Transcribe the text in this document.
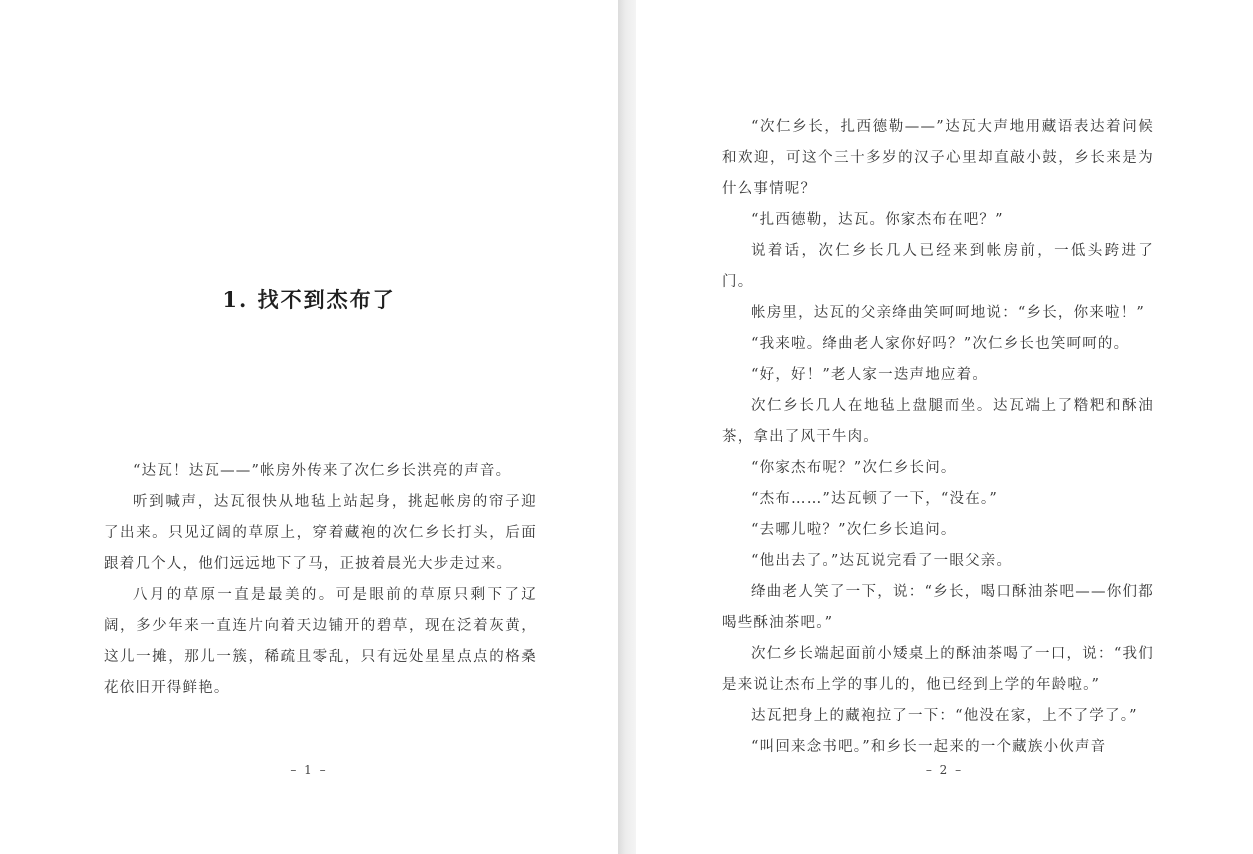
1. 找不到杰布了

“达瓦！达瓦——”帐房外传来了次仁乡长洪亮的声音。

听到喊声，达瓦很快从地毡上站起身，挑起帐房的帘子迎了出来。只见辽阔的草原上，穿着藏袍的次仁乡长打头，后面跟着几个人，他们远远地下了马，正披着晨光大步走过来。

八月的草原一直是最美的。可是眼前的草原只剩下了辽阔，多少年来一直连片向着天边铺开的碧草，现在泛着灰黄，这儿一摊，那儿一簇，稀疏且零乱，只有远处星星点点的格桑花依旧开得鲜艳。

– 1 –

“次仁乡长，扎西德勒——”达瓦大声地用藏语表达着问候和欢迎，可这个三十多岁的汉子心里却直敲小鼓，乡长来是为什么事情呢？

“扎西德勒，达瓦。你家杰布在吧？”

说着话，次仁乡长几人已经来到帐房前，一低头跨进了门。

帐房里，达瓦的父亲绛曲笑呵呵地说：“乡长，你来啦！”

“我来啦。绛曲老人家你好吗？”次仁乡长也笑呵呵的。

“好，好！”老人家一迭声地应着。

次仁乡长几人在地毡上盘腿而坐。达瓦端上了糌粑和酥油茶，拿出了风干牛肉。

“你家杰布呢？”次仁乡长问。

“杰布……”达瓦顿了一下，“没在。”

“去哪儿啦？”次仁乡长追问。

“他出去了。”达瓦说完看了一眼父亲。

绛曲老人笑了一下，说：“乡长，喝口酥油茶吧——你们都喝些酥油茶吧。”

次仁乡长端起面前小矮桌上的酥油茶喝了一口，说：“我们是来说让杰布上学的事儿的，他已经到上学的年龄啦。”

达瓦把身上的藏袍拉了一下：“他没在家，上不了学了。”

“叫回来念书吧。”和乡长一起来的一个藏族小伙声音

– 2 –
